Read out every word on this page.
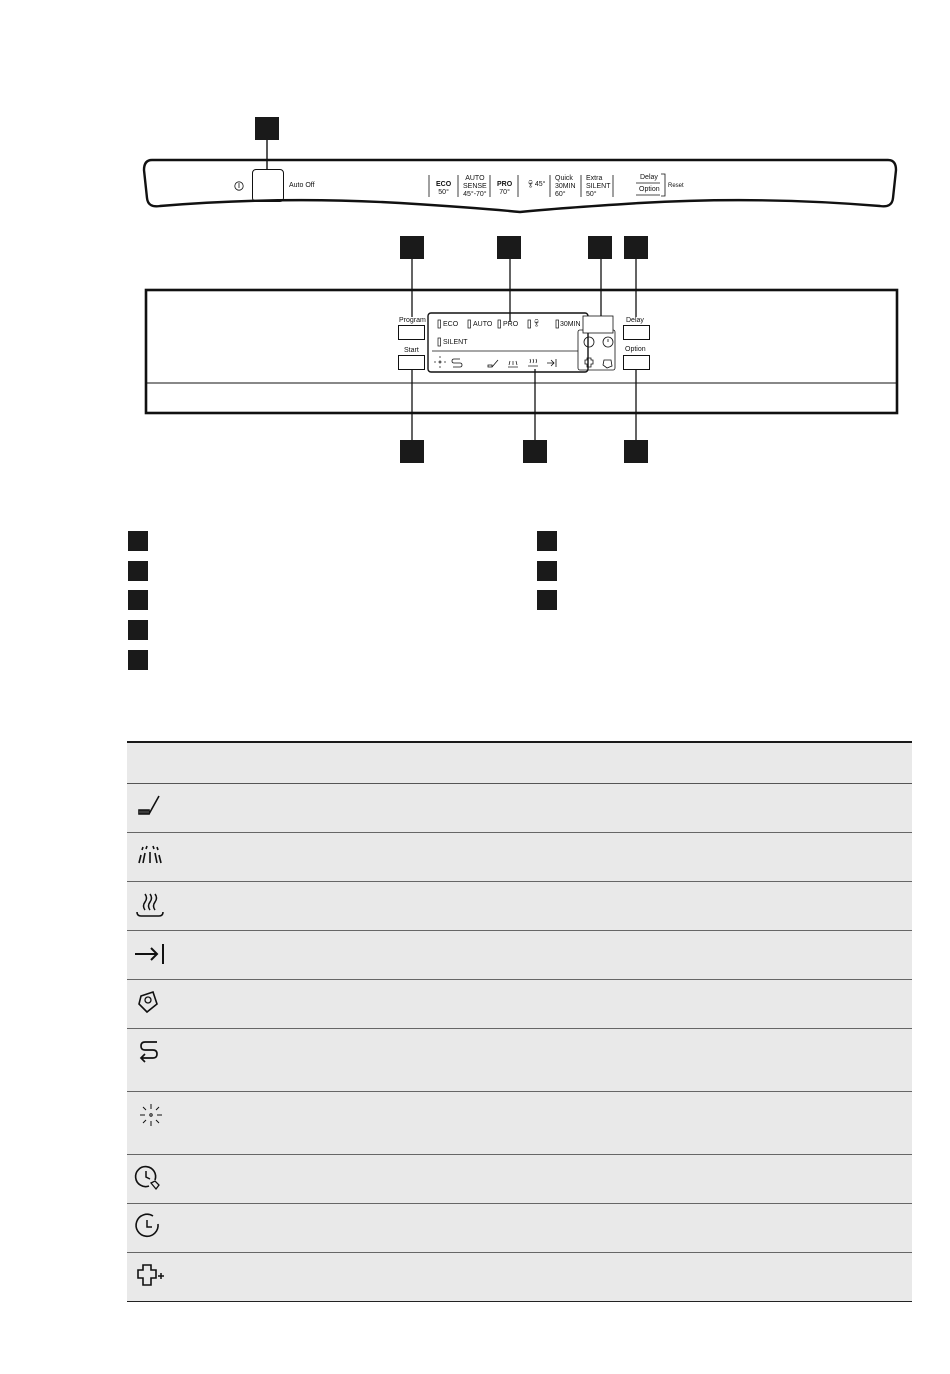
Auto Off	ECO
50°
AUTO
SENSE
45°-70°
PRO
70°
🍷︎45°
Quick
30MIN
60°
Extra
SILENT
50°
Delay
Option Reset
Program
Start
Delay
Option
ECO AUTO PRO 🍷︎	30MIN
SILENT
